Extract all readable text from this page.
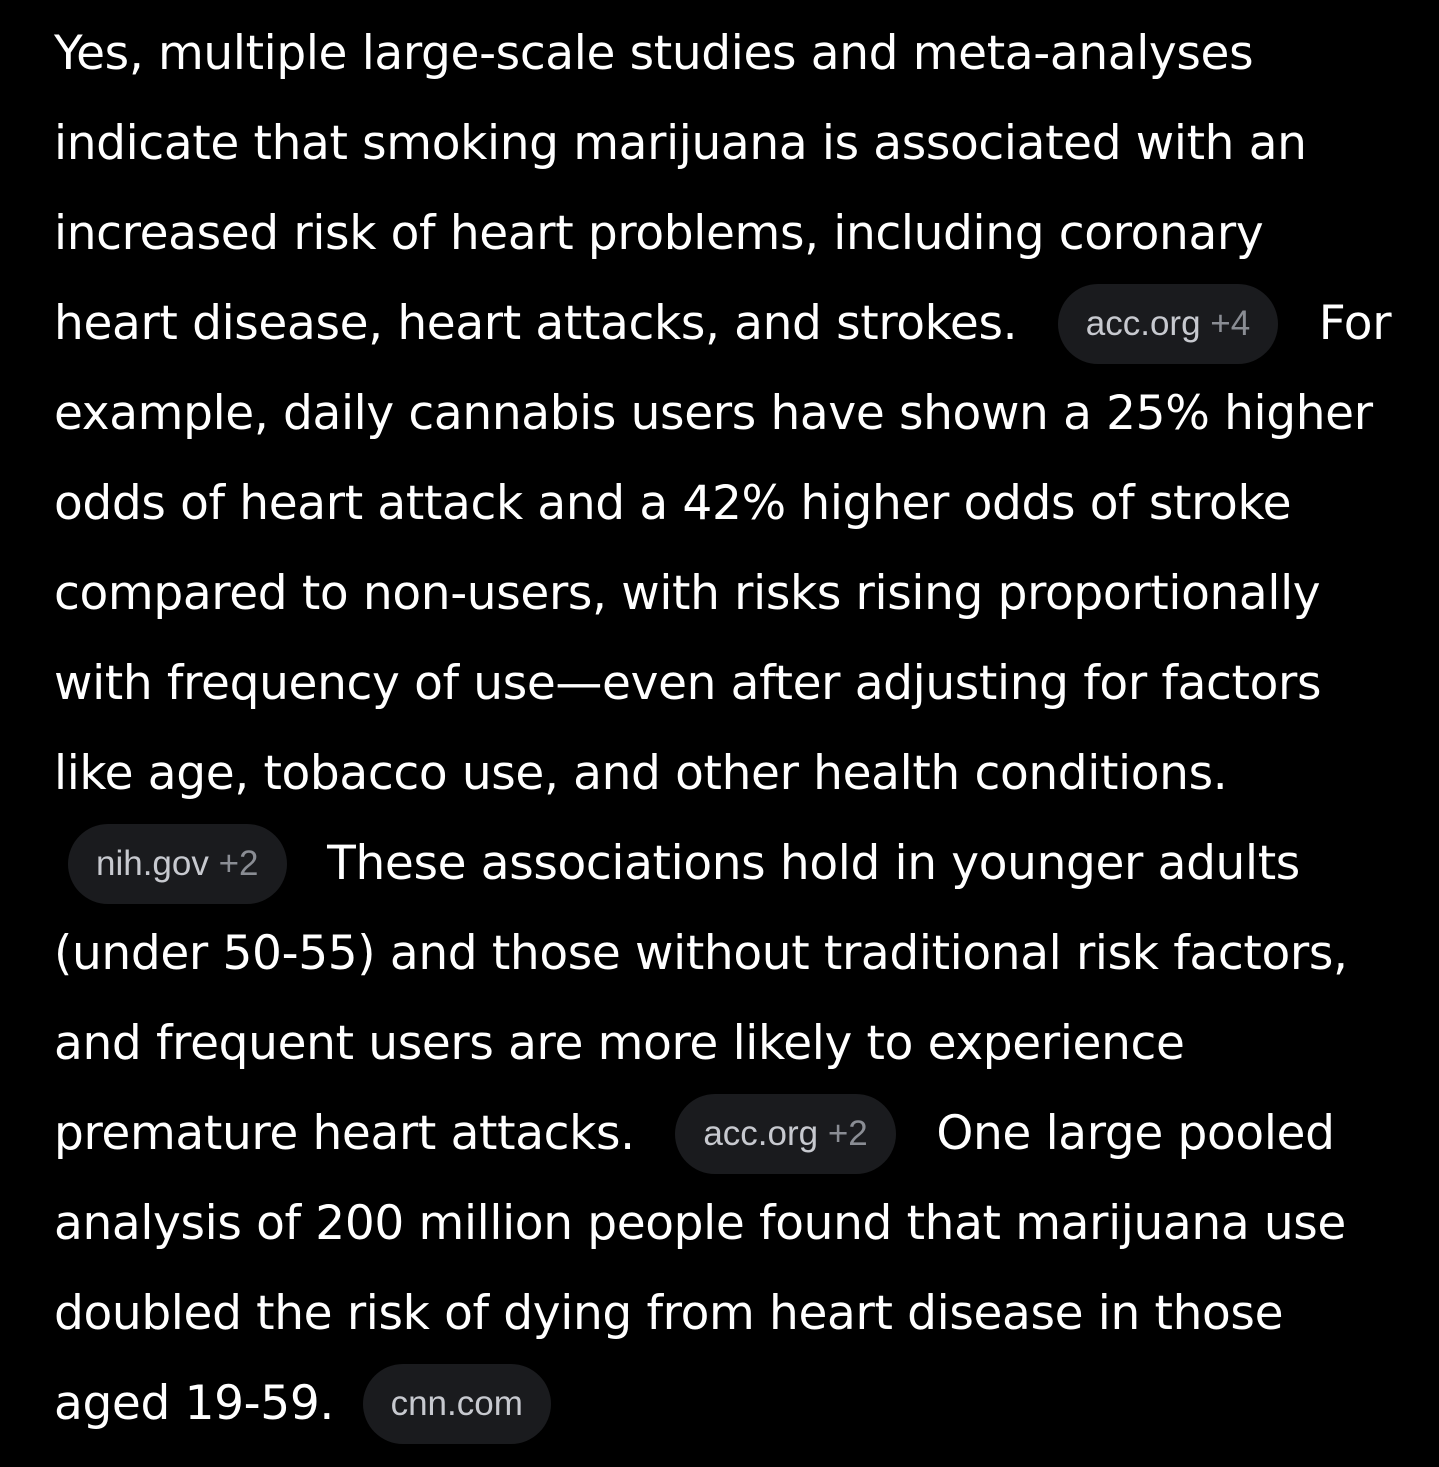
Yes, multiple large-scale studies and meta-analyses
indicate that smoking marijuana is associated with an
increased risk of heart problems, including coronary
heart disease, heart attacks, and strokes. acc.org +4 For
example, daily cannabis users have shown a 25% higher
odds of heart attack and a 42% higher odds of stroke
compared to non-users, with risks rising proportionally
with frequency of use—even after adjusting for factors
like age, tobacco use, and other health conditions.
nih.gov +2 These associations hold in younger adults
(under 50-55) and those without traditional risk factors,
and frequent users are more likely to experience
premature heart attacks. acc.org +2 One large pooled
analysis of 200 million people found that marijuana use
doubled the risk of dying from heart disease in those
aged 19-59. cnn.com
